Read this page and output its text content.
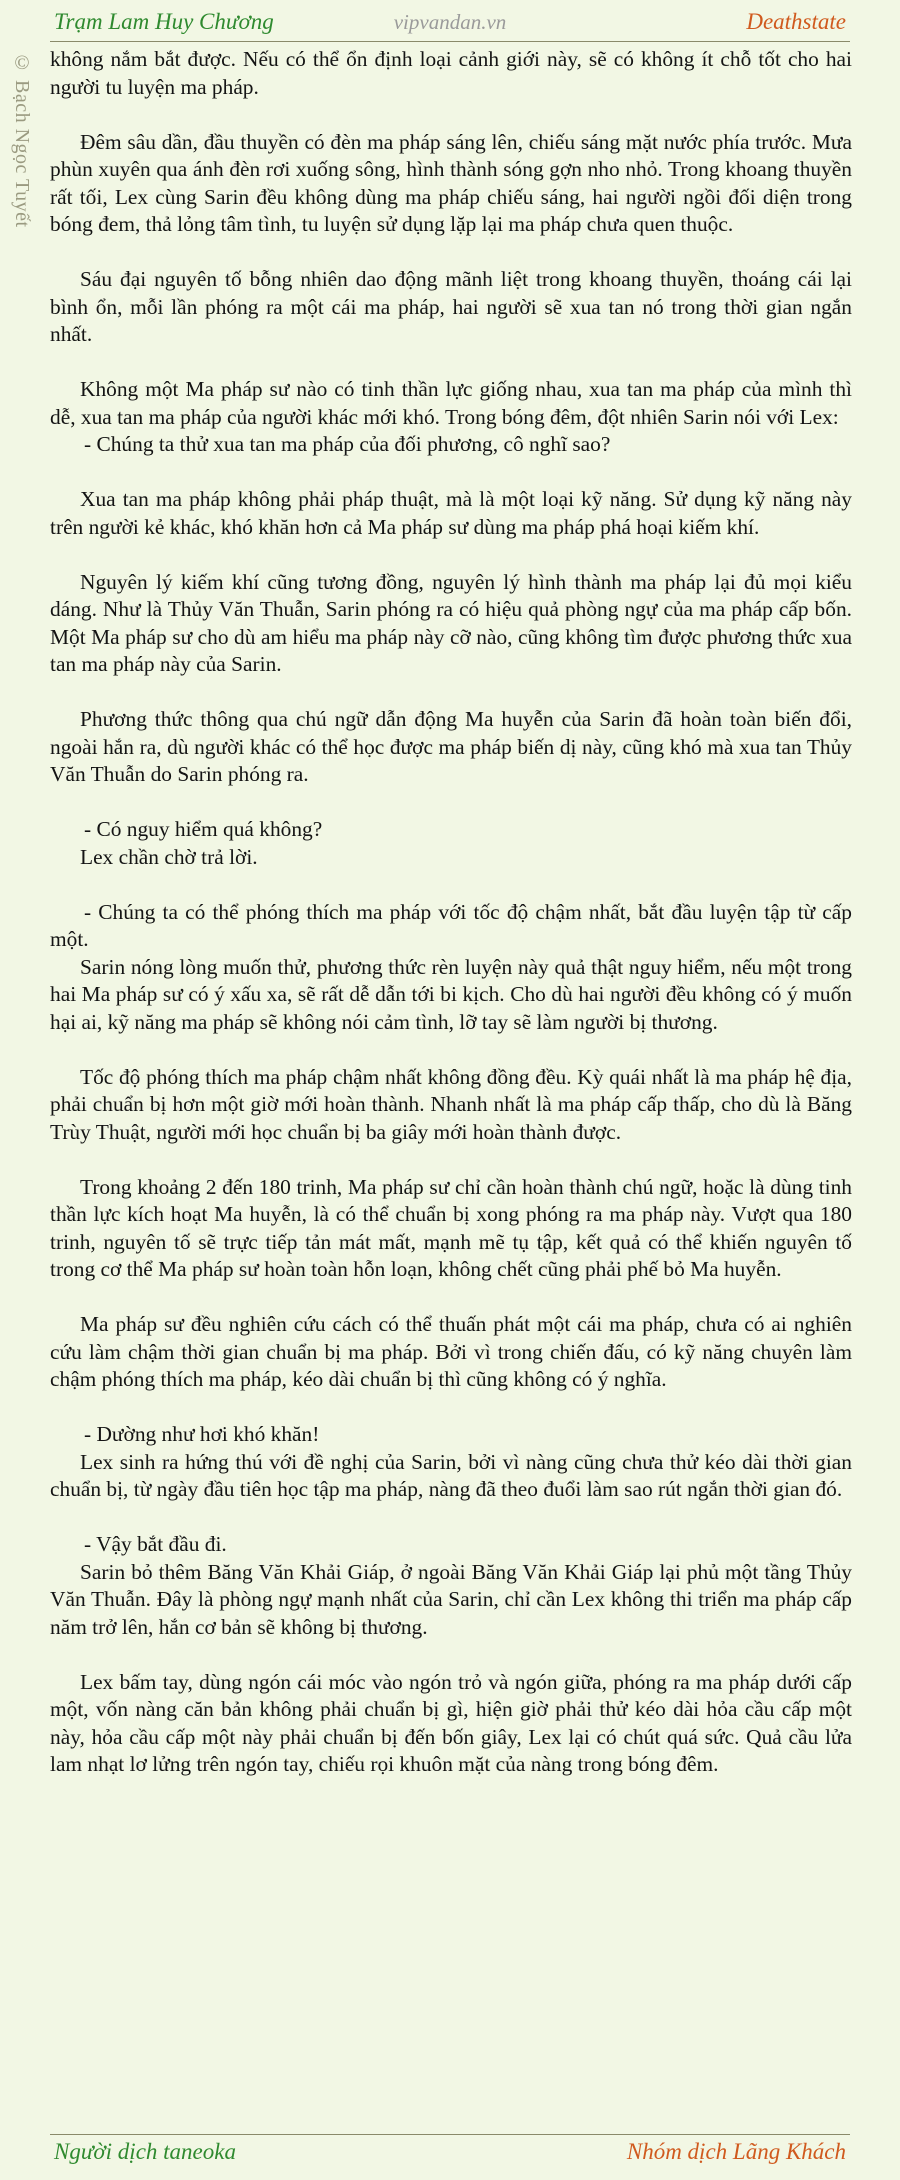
Trạm Lam Huy Chương	vipvandan.vn	Deathstate
© Bạch Ngọc Tuyết không nắm bắt được. Nếu có thể ổn định loại cảnh giới này, sẽ có không ít chỗ tốt cho hai người tu luyện ma pháp.

Đêm sâu dần, đầu thuyền có đèn ma pháp sáng lên, chiếu sáng mặt nước phía trước. Mưa phùn xuyên qua ánh đèn rơi xuống sông, hình thành sóng gợn nho nhỏ. Trong khoang thuyền rất tối, Lex cùng Sarin đều không dùng ma pháp chiếu sáng, hai người ngồi đối diện trong bóng đem, thả lỏng tâm tình, tu luyện sử dụng lặp lại ma pháp chưa quen thuộc.

Sáu đại nguyên tố bỗng nhiên dao động mãnh liệt trong khoang thuyền, thoáng cái lại bình ổn, mỗi lần phóng ra một cái ma pháp, hai người sẽ xua tan nó trong thời gian ngắn nhất.

Không một Ma pháp sư nào có tinh thần lực giống nhau, xua tan ma pháp của mình thì dễ, xua tan ma pháp của người khác mới khó. Trong bóng đêm, đột nhiên Sarin nói với Lex:
- Chúng ta thử xua tan ma pháp của đối phương, cô nghĩ sao?

Xua tan ma pháp không phải pháp thuật, mà là một loại kỹ năng. Sử dụng kỹ năng này trên người kẻ khác, khó khăn hơn cả Ma pháp sư dùng ma pháp phá hoại kiếm khí.

Nguyên lý kiếm khí cũng tương đồng, nguyên lý hình thành ma pháp lại đủ mọi kiểu dáng. Như là Thủy Văn Thuẫn, Sarin phóng ra có hiệu quả phòng ngự của ma pháp cấp bốn. Một Ma pháp sư cho dù am hiểu ma pháp này cỡ nào, cũng không tìm được phương thức xua tan ma pháp này của Sarin.

Phương thức thông qua chú ngữ dẫn động Ma huyễn của Sarin đã hoàn toàn biến đổi, ngoài hắn ra, dù người khác có thể học được ma pháp biến dị này, cũng khó mà xua tan Thủy Văn Thuẫn do Sarin phóng ra.

- Có nguy hiểm quá không?
Lex chần chờ trả lời.

- Chúng ta có thể phóng thích ma pháp với tốc độ chậm nhất, bắt đầu luyện tập từ cấp một.
Sarin nóng lòng muốn thử, phương thức rèn luyện này quả thật nguy hiểm, nếu một trong hai Ma pháp sư có ý xấu xa, sẽ rất dễ dẫn tới bi kịch. Cho dù hai người đều không có ý muốn hại ai, kỹ năng ma pháp sẽ không nói cảm tình, lỡ tay sẽ làm người bị thương.

Tốc độ phóng thích ma pháp chậm nhất không đồng đều. Kỳ quái nhất là ma pháp hệ địa, phải chuẩn bị hơn một giờ mới hoàn thành. Nhanh nhất là ma pháp cấp thấp, cho dù là Băng Trùy Thuật, người mới học chuẩn bị ba giây mới hoàn thành được.

Trong khoảng 2 đến 180 trinh, Ma pháp sư chỉ cần hoàn thành chú ngữ, hoặc là dùng tinh thần lực kích hoạt Ma huyễn, là có thể chuẩn bị xong phóng ra ma pháp này. Vượt qua 180 trinh, nguyên tố sẽ trực tiếp tản mát mất, mạnh mẽ tụ tập, kết quả có thể khiến nguyên tố trong cơ thể Ma pháp sư hoàn toàn hỗn loạn, không chết cũng phải phế bỏ Ma huyễn.

Ma pháp sư đều nghiên cứu cách có thể thuấn phát một cái ma pháp, chưa có ai nghiên cứu làm chậm thời gian chuẩn bị ma pháp. Bởi vì trong chiến đấu, có kỹ năng chuyên làm chậm phóng thích ma pháp, kéo dài chuẩn bị thì cũng không có ý nghĩa.

- Dường như hơi khó khăn!
Lex sinh ra hứng thú với đề nghị của Sarin, bởi vì nàng cũng chưa thử kéo dài thời gian chuẩn bị, từ ngày đầu tiên học tập ma pháp, nàng đã theo đuổi làm sao rút ngắn thời gian đó.

- Vậy bắt đầu đi.
Sarin bỏ thêm Băng Văn Khải Giáp, ở ngoài Băng Văn Khải Giáp lại phủ một tầng Thủy Văn Thuẫn. Đây là phòng ngự mạnh nhất của Sarin, chỉ cần Lex không thi triển ma pháp cấp năm trở lên, hắn cơ bản sẽ không bị thương.

Lex bấm tay, dùng ngón cái móc vào ngón trỏ và ngón giữa, phóng ra ma pháp dưới cấp một, vốn nàng căn bản không phải chuẩn bị gì, hiện giờ phải thử kéo dài hỏa cầu cấp một này, hỏa cầu cấp một này phải chuẩn bị đến bốn giây, Lex lại có chút quá sức. Quả cầu lửa lam nhạt lơ lửng trên ngón tay, chiếu rọi khuôn mặt của nàng trong bóng đêm.

Người dịch taneoka	Nhóm dịch Lãng Khách
